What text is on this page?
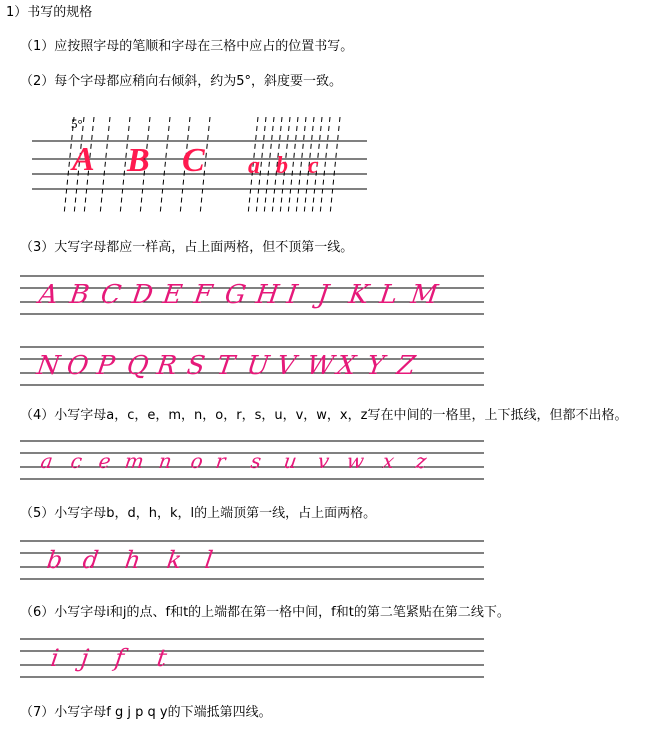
1）书写的规格
（1）应按照字母的笔顺和字母在三格中应占的位置书写。
（2）每个字母都应稍向右倾斜，约为5°，斜度要一致。
（3）大写字母都应一样高，占上面两格，但不顶第一线。
（4）小写字母a，c，e，m，n，o，r，s，u，v，w，x，z写在中间的一格里，上下抵线，但都不出格。
（5）小写字母b，d，h，k，l的上端顶第一线，占上面两格。
（6）小写字母i和j的点、f和t的上端都在第一格中间，f和t的第二笔紧贴在第二线下。
（7）小写字母f g j p q y的下端抵第四线。
5°
A B C a b c
A B C D E F G H I J K L M
N O P Q R S T U V W X Y Z
a c e m n o r s u v w x z
b d h k l
i j f t
